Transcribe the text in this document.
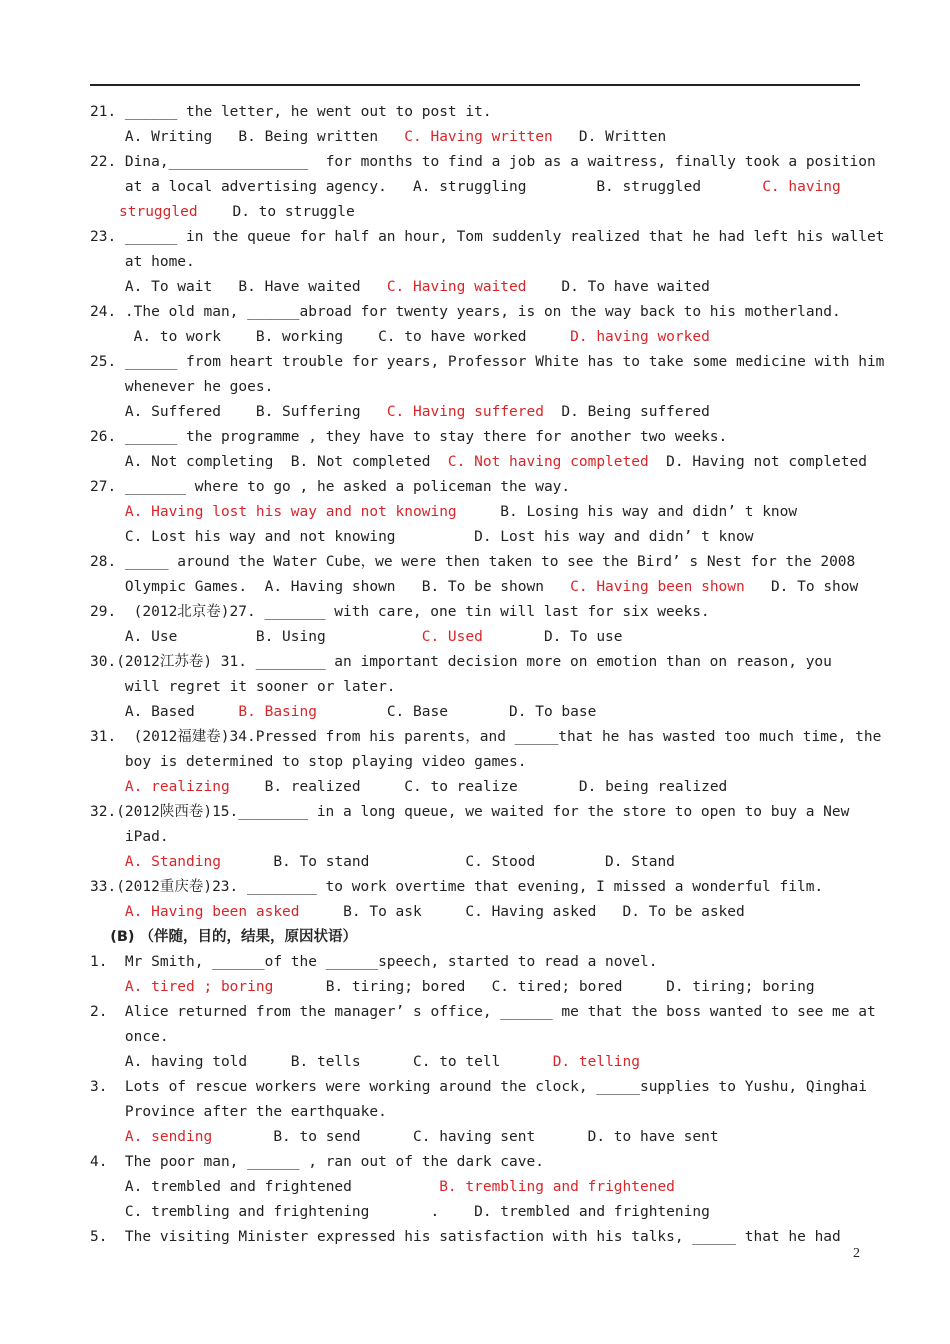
21. ______ the letter, he went out to post it.
A. Writing   B. Being written   C. Having written   D. Written
22. Dina,________________  for months to find a job as a waitress, finally took a position
at a local advertising agency.   A. struggling        B. struggled       C. having
struggled    D. to struggle
23. ______ in the queue for half an hour, Tom suddenly realized that he had left his wallet
at home.
A. To wait   B. Have waited   C. Having waited    D. To have waited
24. .The old man, ______abroad for twenty years, is on the way back to his motherland.
A. to work    B. working    C. to have worked     D. having worked
25. ______ from heart trouble for years, Professor White has to take some medicine with him
whenever he goes.
A. Suffered    B. Suffering   C. Having suffered  D. Being suffered
26. ______ the programme , they have to stay there for another two weeks.
A. Not completing  B. Not completed  C. Not having completed  D. Having not completed
27. _______ where to go , he asked a policeman the way.
A. Having lost his way and not knowing     B. Losing his way and didn’ t know
C. Lost his way and not knowing         D. Lost his way and didn’ t know
28. _____ around the Water Cube，we were then taken to see the Bird’ s Nest for the 2008
Olympic Games.  A. Having shown   B. To be shown   C. Having been shown   D. To show
29.  (2012北京卷)27. _______ with care, one tin will last for six weeks.
A. Use         B. Using           C. Used       D. To use
30.(2012江苏卷) 31. ________ an important decision more on emotion than on reason, you
will regret it sooner or later.
A. Based     B. Basing        C. Base       D. To base
31.  (2012福建卷)34.Pressed from his parents，and _____that he has wasted too much time, the
boy is determined to stop playing video games.
A. realizing    B. realized     C. to realize       D. being realized
32.(2012陕西卷)15.________ in a long queue, we waited for the store to open to buy a New
iPad.
A. Standing      B. To stand           C. Stood        D. Stand
33.(2012重庆卷)23. ________ to work overtime that evening, I missed a wonderful film.
A. Having been asked     B. To ask     C. Having asked   D. To be asked
(B) （伴随，目的，结果，原因状语）
1.  Mr Smith, ______of the ______speech, started to read a novel.
A. tired ; boring      B. tiring; bored   C. tired; bored     D. tiring; boring
2.  Alice returned from the manager’ s office, ______ me that the boss wanted to see me at
once.
A. having told     B. tells      C. to tell      D. telling
3.  Lots of rescue workers were working around the clock, _____supplies to Yushu, Qinghai
Province after the earthquake.
A. sending       B. to send      C. having sent      D. to have sent
4.  The poor man, ______ , ran out of the dark cave.
A. trembled and frightened          B. trembling and frightened
C. trembling and frightening       .    D. trembled and frightening
5.  The visiting Minister expressed his satisfaction with his talks, _____ that he had
2
